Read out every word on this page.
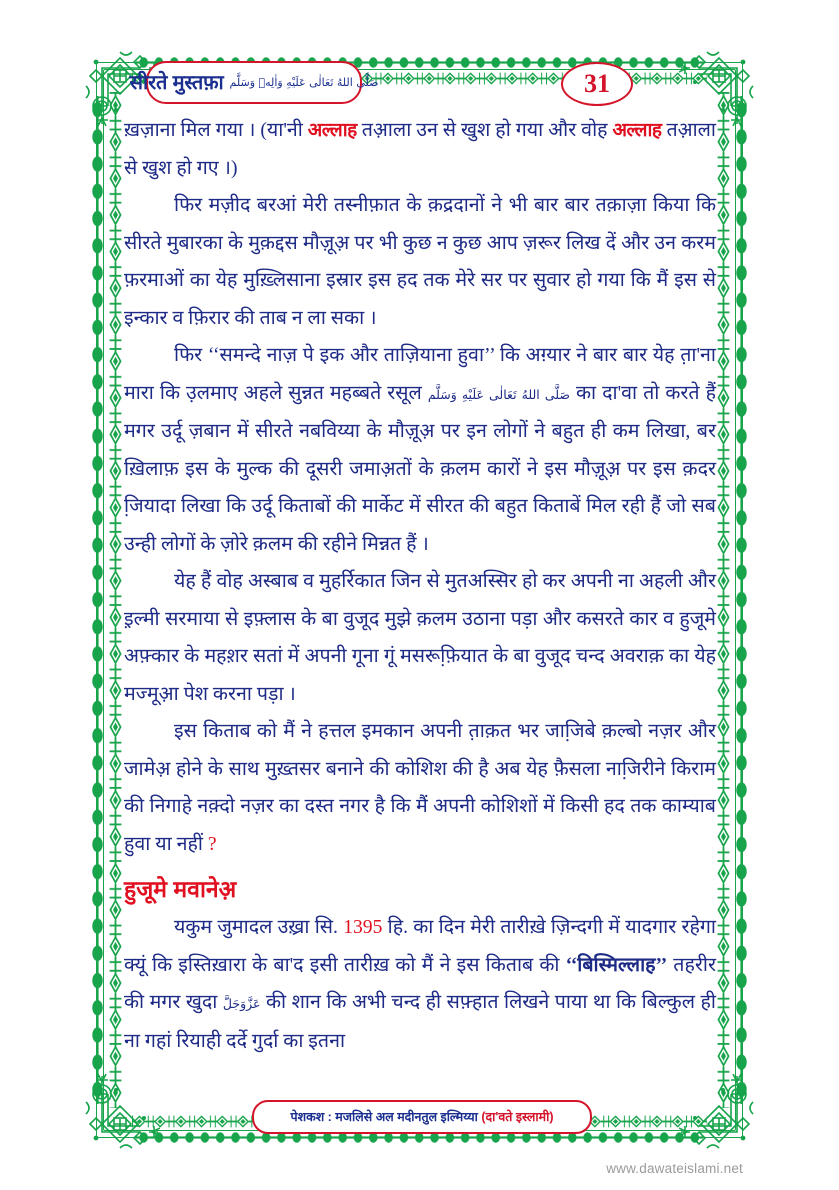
सीरते मुस्तफ़ा صَلَّى اللهُ تَعَالٰى عَلَيْهِ وَاٰلِهٖ وَسَلَّم	31

ख़ज़ाना मिल गया । (या'नी अल्लाह तआ़ला उन से खुश हो गया और वोह अल्लाह तआ़ला से खुश हो गए ।)

फिर मज़ीद बरआं मेरी तस्नीफ़ात के क़द्रदानों ने भी बार बार तक़ाज़ा किया कि सीरते मुबारका के मुक़द्दस मौज़ूअ़ पर भी कुछ न कुछ आप ज़रूर लिख दें और उन करम फ़रमाओं का येह मुख़्लिसाना इस्रार इस हद तक मेरे सर पर सुवार हो गया कि मैं इस से इन्कार व फ़िरार की ताब न ला सका ।

फिर ‘‘समन्दे नाज़ पे इक और ताज़ियाना हुवा’’ कि अग़्यार ने बार बार येह त़ा'ना मारा कि उ़लमाए अहले सुन्नत महब्बते रसूल صَلَّى اللهُ تَعَالٰى عَلَيْهِ وَسَلَّم का दा'वा तो करते हैं मगर उर्दू ज़बान में सीरते नबविय्या के मौज़ूअ़ पर इन लोगों ने बहुत ही कम लिखा, बर ख़िलाफ़ इस के मुल्क की दूसरी जमाअ़तों के क़लम कारों ने इस मौज़ूअ़ पर इस क़दर जि़यादा लिखा कि उर्दू किताबों की मार्केट में सीरत की बहुत किताबें मिल रही हैं जो सब उन्ही लोगों के ज़ोरे क़लम की रहीने मिन्नत हैं ।

येह हैं वोह अस्बाब व मुहर्रिकात जिन से मुतअस्सिर हो कर अपनी ना अहली और इ़ल्मी सरमाया से इफ़्लास के बा वुजूद मुझे क़लम उठाना पड़ा और कसरते कार व हुजूमे अफ़्कार के महश़र सतां में अपनी गूना गूं मसरूफ़ि़यात के बा वुजूद चन्द अवराक़ का येह मज्मूअ़ा पेश करना पड़ा ।

इस किताब को मैं ने हत्तल इमकान अपनी त़ाक़त भर जाजि़बे क़ल्बो नज़र और जामेअ़ होने के साथ मुख़्तसर बनाने की कोशिश की है अब येह फ़ैसला नाजि़रीने किराम की निगाहे नक़्दो नज़र का दस्त नगर है कि मैं अपनी कोशिशों में किसी हद तक काम्याब हुवा या नहीं ?

हुजूमे मवानेअ़

यकुम जुमादल उख़्रा सि. 1395 हि. का दिन मेरी तारीख़े ज़िन्दगी में यादगार रहेगा क्यूं कि इस्तिख़ारा के बा'द इसी तारीख़ को मैं ने इस किताब की ‘‘बिस्मिल्लाह’’ तहरीर की मगर खुदा عَزَّوَجَلَّ की शान कि अभी चन्द ही सफ़्हात लिखने पाया था कि बिल्कुल ही ना गहां रियाही दर्दे गुर्दा का इतना

पेशकश : मजलिसे अल मदीनतुल इल्मिय्या (दा'वते इस्लामी)
www.dawateislami.net
